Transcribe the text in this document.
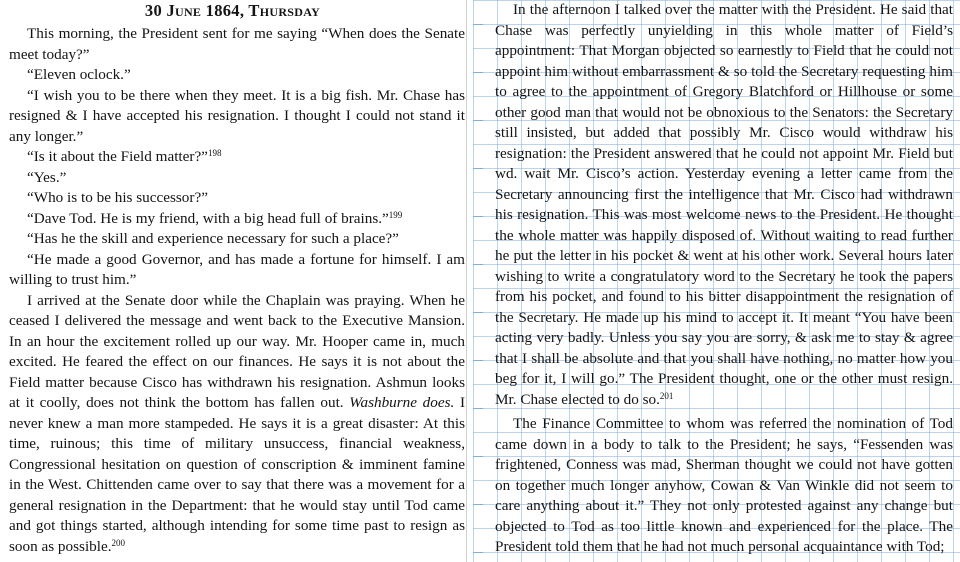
30 June 1864, Thursday

This morning, the President sent for me saying “When does the Senate meet today?”

“Eleven oclock.”

“I wish you to be there when they meet. It is a big fish. Mr. Chase has resigned & I have accepted his resignation. I thought I could not stand it any longer.”

“Is it about the Field matter?”$^{198}$

“Yes.”

“Who is to be his successor?”

“Dave Tod. He is my friend, with a big head full of brains.”$^{199}$

“Has he the skill and experience necessary for such a place?”

“He made a good Governor, and has made a fortune for himself. I am willing to trust him.”

I arrived at the Senate door while the Chaplain was praying. When he ceased I delivered the message and went back to the Executive Mansion. In an hour the excitement rolled up our way. Mr. Hooper came in, much excited. He feared the effect on our finances. He says it is not about the Field matter because Cisco has withdrawn his resignation. Ashmun looks at it coolly, does not think the bottom has fallen out. Washburne does. I never knew a man more stampeded. He says it is a great disaster: At this time, ruinous; this time of military unsuccess, financial weakness, Congressional hesitation on question of conscription & imminent famine in the West. Chittenden came over to say that there was a movement for a general resignation in the Department: that he would stay until Tod came and got things started, although intending for some time past to resign as soon as possible.$^{200}$

In the afternoon I talked over the matter with the President. He said that Chase was perfectly unyielding in this whole matter of Field’s appointment: That Morgan objected so earnestly to Field that he could not appoint him without embarrassment & so told the Secretary requesting him to agree to the appointment of Gregory Blatchford or Hillhouse or some other good man that would not be obnoxious to the Senators: the Secretary still insisted, but added that possibly Mr. Cisco would withdraw his resignation: the President answered that he could not appoint Mr. Field but wd. wait Mr. Cisco’s action. Yesterday evening a letter came from the Secretary announcing first the intelligence that Mr. Cisco had withdrawn his resignation. This was most welcome news to the President. He thought the whole matter was happily disposed of. Without waiting to read further he put the letter in his pocket & went at his other work. Several hours later wishing to write a congratulatory word to the Secretary he took the papers from his pocket, and found to his bitter disappointment the resignation of the Secretary. He made up his mind to accept it. It meant “You have been acting very badly. Unless you say you are sorry, & ask me to stay & agree that I shall be absolute and that you shall have nothing, no matter how you beg for it, I will go.” The President thought, one or the other must resign. Mr. Chase elected to do so.$^{201}$

The Finance Committee to whom was referred the nomination of Tod came down in a body to talk to the President; he says, “Fessenden was frightened, Conness was mad, Sherman thought we could not have gotten on together much longer anyhow, Cowan & Van Winkle did not seem to care anything about it.” They not only protested against any change but objected to Tod as too little known and experienced for the place. The President told them that he had not much personal acquaintance with Tod;
